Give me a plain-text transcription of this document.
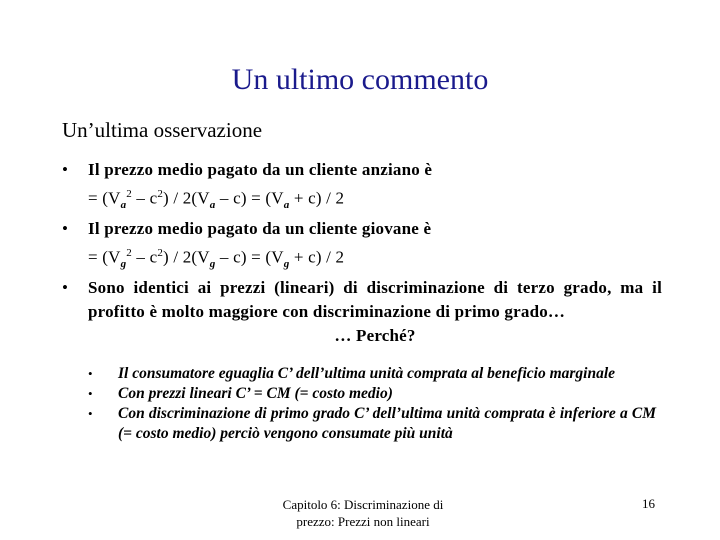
Un ultimo commento
Un’ultima osservazione
• Il prezzo medio pagato da un cliente anziano è
= $(V_a^2 - c^2) / 2(V_a - c) = (V_a + c) / 2$
• Il prezzo medio pagato da un cliente giovane è
= $(V_g^2 - c^2) / 2(V_g - c) = (V_g + c) / 2$
• Sono identici ai prezzi (lineari) di discriminazione di terzo grado, ma il profitto è molto maggiore con discriminazione di primo grado…
… Perché?
• Il consumatore eguaglia C’ dell’ultima unità comprata al beneficio marginale
• Con prezzi lineari C’ = CM (= costo medio)
• Con discriminazione di primo grado C’ dell’ultima unità comprata è inferiore a CM (= costo medio) perciò vengono consumate più unità
Capitolo 6: Discriminazione di
prezzo: Prezzi non lineari
16
